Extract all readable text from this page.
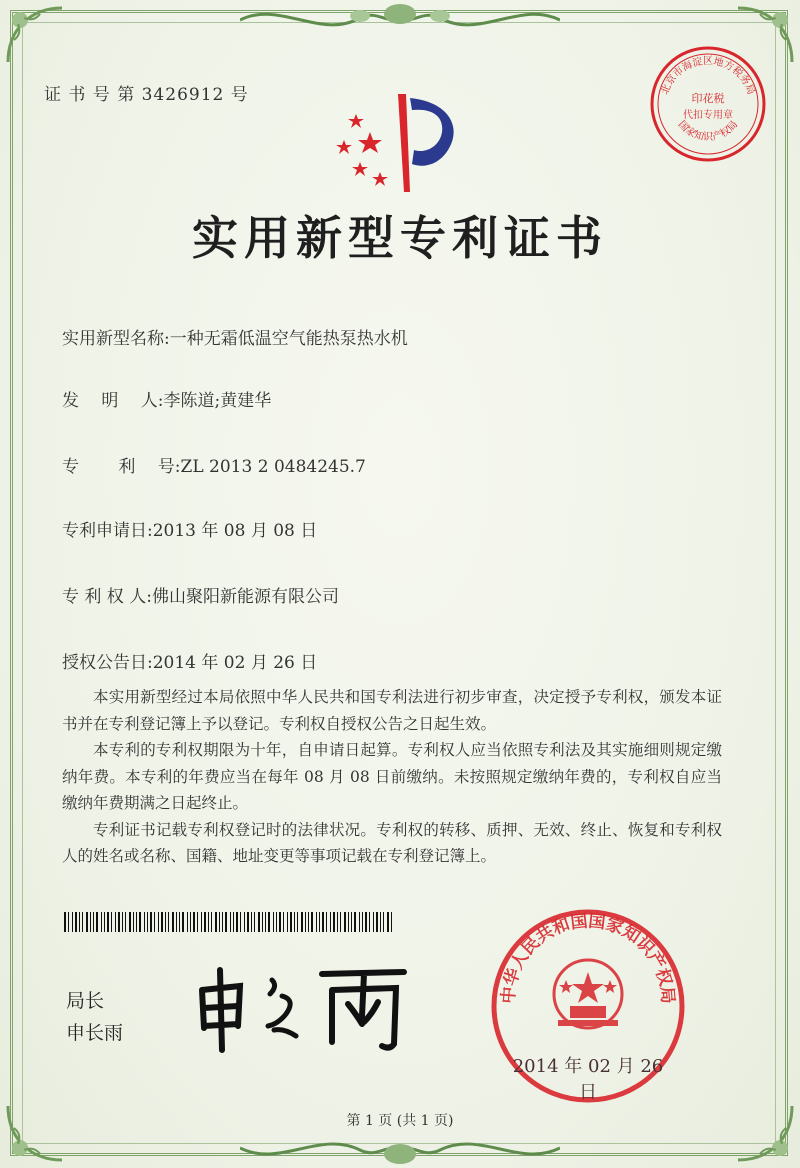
证 书 号 第 3426912 号	北京市海淀区地方税务局
印花税
代扣专用章
国家知识产权局
实用新型专利证书
实用新型名称:一种无霜低温空气能热泵热水机
发　 明　 人:李陈道;黄建华
专　　 利　 号:ZL 2013 2 0484245.7
专利申请日:2013 年 08 月 08 日
专 利 权 人:佛山聚阳新能源有限公司
授权公告日:2014 年 02 月 26 日

本实用新型经过本局依照中华人民共和国专利法进行初步审查，决定授予专利权，颁发本证书并在专利登记簿上予以登记。专利权自授权公告之日起生效。

本专利的专利权期限为十年，自申请日起算。专利权人应当依照专利法及其实施细则规定缴纳年费。本专利的年费应当在每年 08 月 08 日前缴纳。未按照规定缴纳年费的，专利权自应当缴纳年费期满之日起终止。

专利证书记载专利权登记时的法律状况。专利权的转移、质押、无效、终止、恢复和专利权人的姓名或名称、国籍、地址变更等事项记载在专利登记簿上。

局长
申长雨
中华人民共和国国家知识产权局
2014 年 02 月 26 日
第 1 页 (共 1 页)
